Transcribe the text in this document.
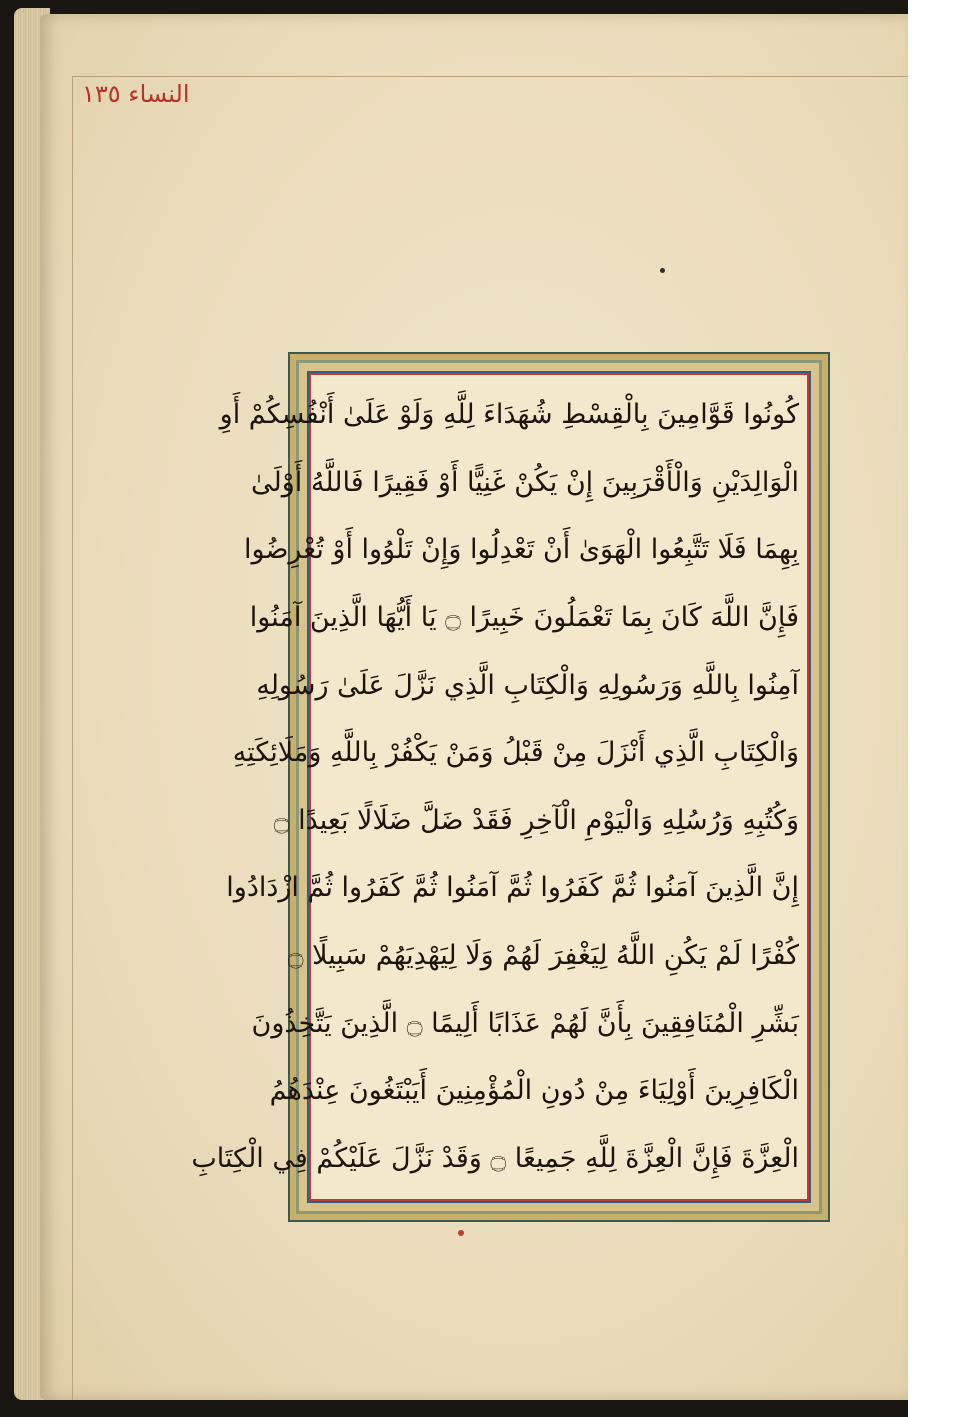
النساء ١٣٥
كُونُوا قَوَّامِينَ بِالْقِسْطِ شُهَدَاءَ لِلَّهِ وَلَوْ عَلَىٰ أَنْفُسِكُمْ أَوِ
الْوَالِدَيْنِ وَالْأَقْرَبِينَ إِنْ يَكُنْ غَنِيًّا أَوْ فَقِيرًا فَاللَّهُ أَوْلَىٰ
بِهِمَا فَلَا تَتَّبِعُوا الْهَوَىٰ أَنْ تَعْدِلُوا وَإِنْ تَلْوُوا أَوْ تُعْرِضُوا
فَإِنَّ اللَّهَ كَانَ بِمَا تَعْمَلُونَ خَبِيرًا ۝ يَا أَيُّهَا الَّذِينَ آمَنُوا
آمِنُوا بِاللَّهِ وَرَسُولِهِ وَالْكِتَابِ الَّذِي نَزَّلَ عَلَىٰ رَسُولِهِ
وَالْكِتَابِ الَّذِي أَنْزَلَ مِنْ قَبْلُ وَمَنْ يَكْفُرْ بِاللَّهِ وَمَلَائِكَتِهِ
وَكُتُبِهِ وَرُسُلِهِ وَالْيَوْمِ الْآخِرِ فَقَدْ ضَلَّ ضَلَالًا بَعِيدًا ۝
إِنَّ الَّذِينَ آمَنُوا ثُمَّ كَفَرُوا ثُمَّ آمَنُوا ثُمَّ كَفَرُوا ثُمَّ ازْدَادُوا
كُفْرًا لَمْ يَكُنِ اللَّهُ لِيَغْفِرَ لَهُمْ وَلَا لِيَهْدِيَهُمْ سَبِيلًا ۝
بَشِّرِ الْمُنَافِقِينَ بِأَنَّ لَهُمْ عَذَابًا أَلِيمًا ۝ الَّذِينَ يَتَّخِذُونَ
الْكَافِرِينَ أَوْلِيَاءَ مِنْ دُونِ الْمُؤْمِنِينَ أَيَبْتَغُونَ عِنْدَهُمُ
الْعِزَّةَ فَإِنَّ الْعِزَّةَ لِلَّهِ جَمِيعًا ۝ وَقَدْ نَزَّلَ عَلَيْكُمْ فِي الْكِتَابِ
